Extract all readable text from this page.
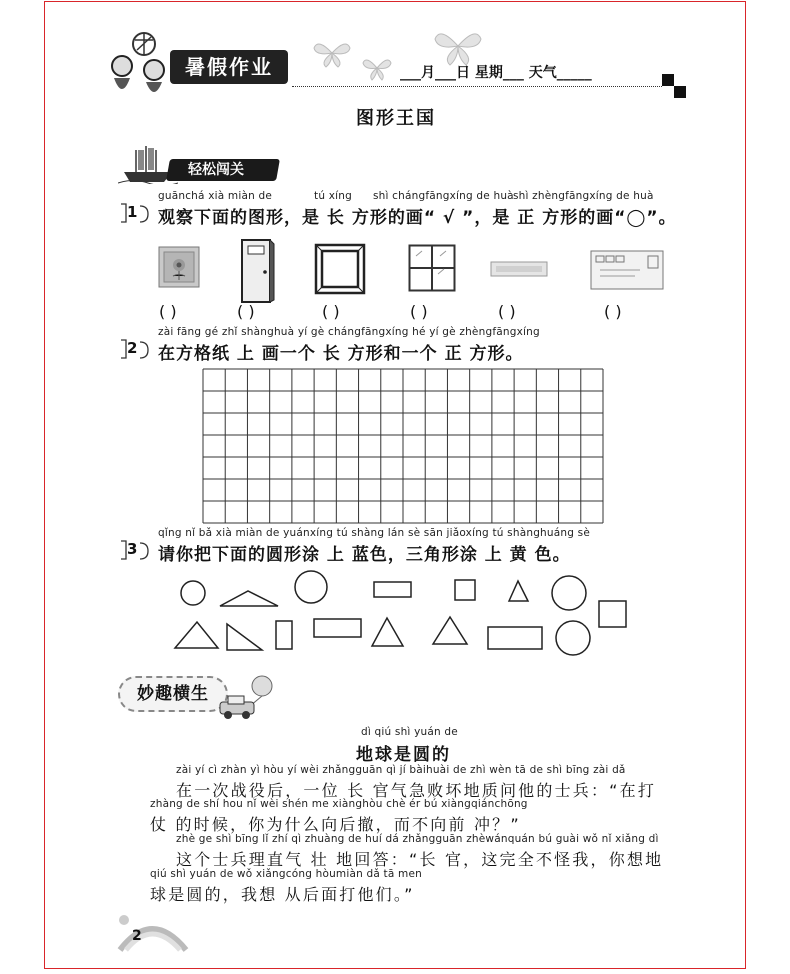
暑假作业	___月___日 星期___ 天气_____
图形王国
轻松闯关
guānchá xià miàn de	tú xíng shì chángfāngxíng de huà shì zhèngfāngxíng de huà
1 观察下面的图形，是 长 方形的画“ √ ”，是 正 方形的画“◯”。
( )	( )	( )	( )	( )	( )
zài fāng gé zhǐ shànghuà yí gè chángfāngxíng hé yí gè zhèngfāngxíng
2 在方格纸 上 画一个 长 方形和一个 正 方形。
qǐng nǐ bǎ xià miàn de yuánxíng tú shàng lán sè sān jiǎoxíng tú shànghuáng sè
3 请你把下面的圆形涂 上 蓝色，三角形涂 上 黄 色。
妙趣横生
dì qiú shì yuán de
地球是圆的
zài yí cì zhàn yì hòu yí wèi zhǎngguān qì jí bàihuài de zhì wèn tā de shì bīng zài dǎ
在一次战役后，一位 长 官气急败坏地质问他的士兵：“在打
zhàng de shí hou nǐ wèi shén me xiànghòu chè ér bú xiàngqiánchōng
仗 的时候，你为什么向后撤，而不向前 冲？”
zhè ge shì bīng lǐ zhí qì zhuàng de huí dá zhǎngguān zhèwánquán bú guài wǒ nǐ xiǎng dì
这个士兵理直气 壮 地回答：“长 官，这完全不怪我，你想地
qiú shì yuán de wǒ xiǎngcóng hòumiàn dǎ tā men
球是圆的，我想 从后面打他们。”
2
